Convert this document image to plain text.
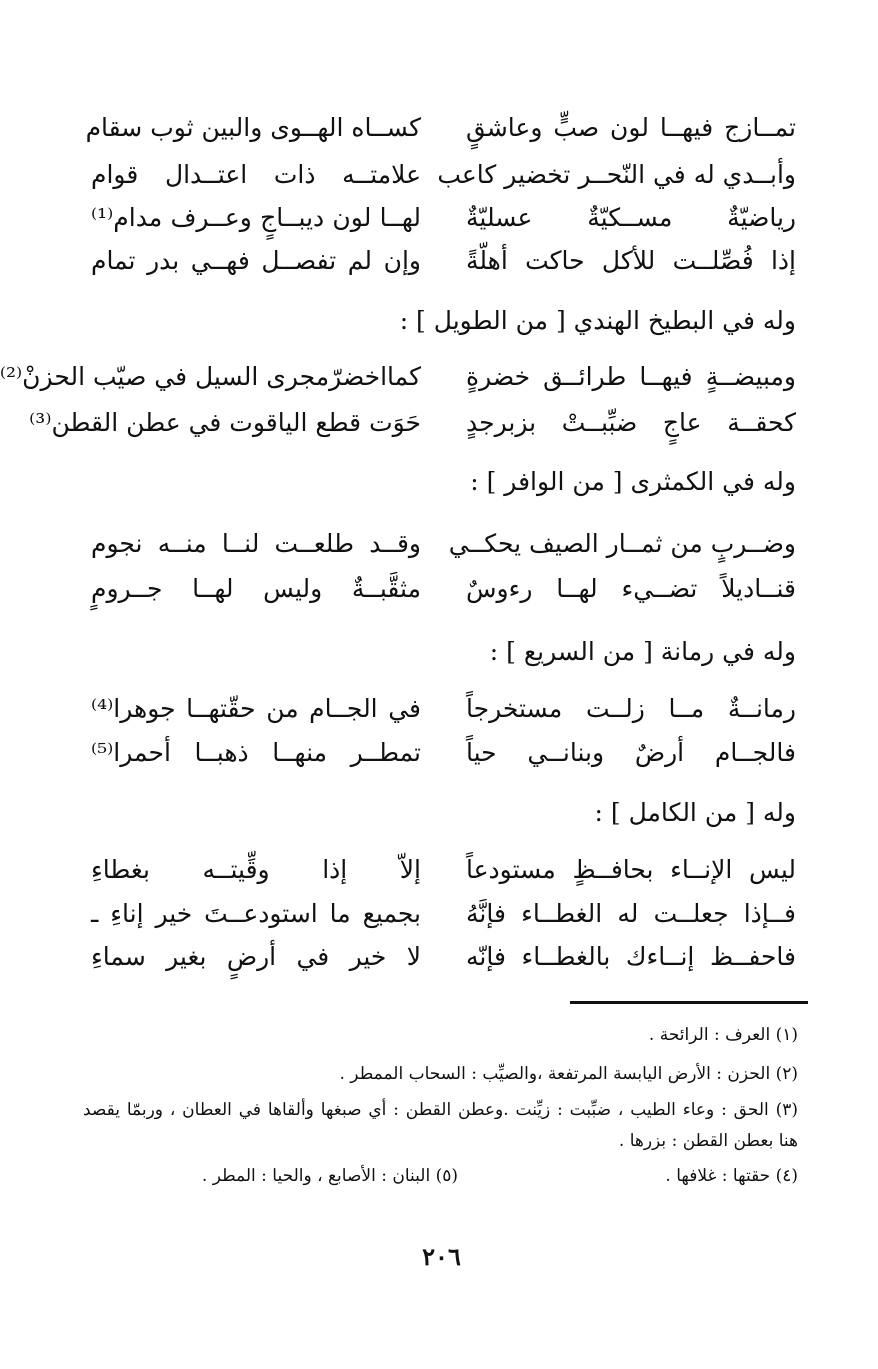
تمــازج فيهــا لون صبٍّ وعاشقٍ
كســاه الهــوى والبين ثوب سقام
وأبــدي له في النّحــر تخضير كاعب
علامتــه ذات اعتــدال قوام
رياضيّةٌ مســكيّةٌ عسليّةٌ
لهــا لون ديبــاجٍ وعــرف مدام⁽¹⁾
إذا فُصِّلــت للأكل حاكت أهلّةً
وإن لم تفصــل فهــي بدر تمام
وله في البطيخ الهندي [ من الطويل ] :
ومبيضــةٍ فيهــا طرائــق خضرةٍ
كمااخضرّمجرى السيل في صيّب الحزنْ⁽²⁾
كحقــة عاجٍ ضبِّبــتْ بزبرجدٍ
حَوَت قطع الياقوت في عطن القطن⁽³⁾
وله في الكمثرى [ من الوافر ] :
وضــربٍ من ثمــار الصيف يحكــي
وقــد طلعــت لنــا منــه نجوم
قنــاديلاً تضــيء لهــا رءوسٌ
مثقَّبــةٌ وليس لهــا جــرومٍ
وله في رمانة [ من السريع ] :
رمانــةٌ مــا زلــت مستخرجاً
في الجــام من حقّتهــا جوهرا⁽⁴⁾
فالجــام أرضٌ وبنانــي حياً
تمطــر منهــا ذهبــا أحمرا⁽⁵⁾
وله [ من الكامل ] :
ليس الإنــاء بحافــظٍ مستودعاً
إلاّ إذا وقِّيتــه بغطاءِ
فــإذا جعلــت له الغطــاء فإنَّهُ
بجميع ما استودعــتَ خير إناءِ ـ
فاحفــظ إنــاءك بالغطــاء فإنّه
لا خير في أرضٍ بغير سماءِ
(١) العرف : الرائحة .
(٢) الحزن : الأرض اليابسة المرتفعة ،والصيِّب : السحاب الممطر .
(٣) الحق : وعاء الطيب ، ضبِّبت : زيِّنت .وعطن القطن : أي صبغها وألقاها في العطان ، وربمّا يقصد
هنا بعطن القطن : بزرها .
(٤) حقتها : غلافها .
(٥) البنان : الأصابع ، والحيا : المطر .
٢٠٦
